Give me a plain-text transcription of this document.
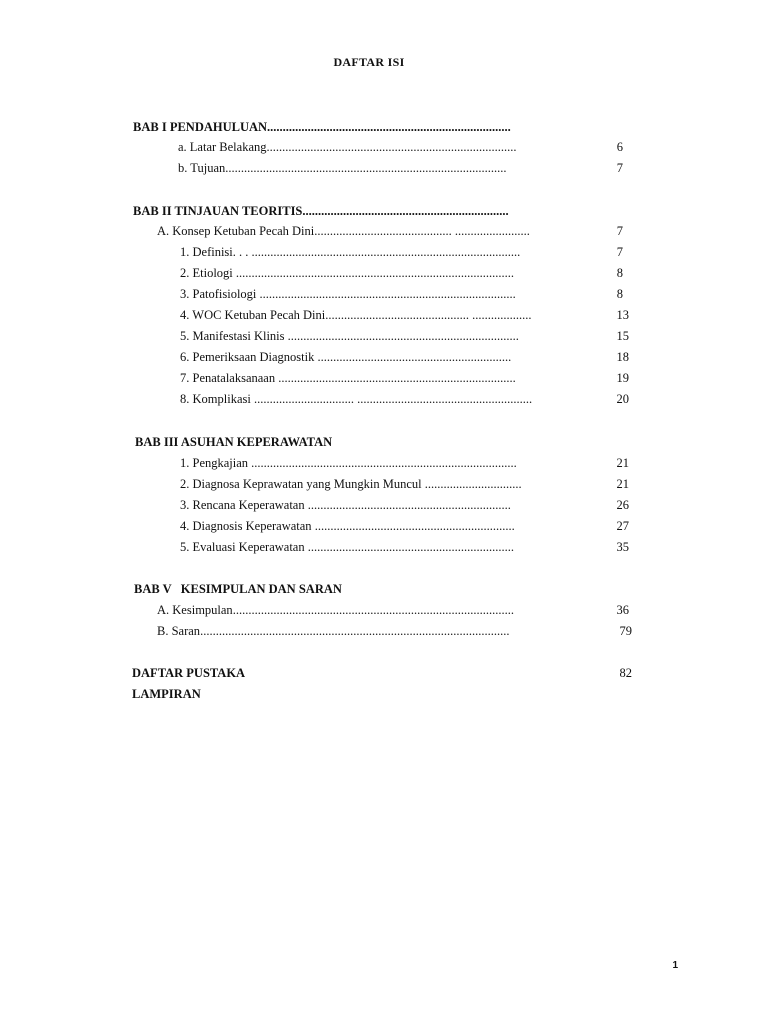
DAFTAR ISI
BAB I PENDAHULUAN..............................................................................
a. Latar Belakang................................................................................	6
b. Tujuan..........................................................................................	7
BAB II TINJAUAN TEORITIS..................................................................
A. Konsep Ketuban Pecah Dini............................................ ........................	7
1. Definisi. . . ......................................................................................	7
2. Etiologi .........................................................................................	8
3. Patofisiologi ..................................................................................	8
4. WOC Ketuban Pecah Dini.............................................. ...................	13
5. Manifestasi Klinis ..........................................................................	15
6. Pemeriksaan Diagnostik ..............................................................	18
7. Penatalaksanaan ............................................................................	19
8. Komplikasi ................................ ........................................................	20
BAB III ASUHAN KEPERAWATAN
1. Pengkajian .....................................................................................	21
2. Diagnosa Keprawatan yang Mungkin Muncul ...............................	21
3. Rencana Keperawatan .................................................................	26
4. Diagnosis Keperawatan ................................................................	27
5. Evaluasi Keperawatan ..................................................................	35
BAB V   KESIMPULAN DAN SARAN
A. Kesimpulan..........................................................................................	36
B. Saran...................................................................................................	79
DAFTAR PUSTAKA	82
LAMPIRAN
1
